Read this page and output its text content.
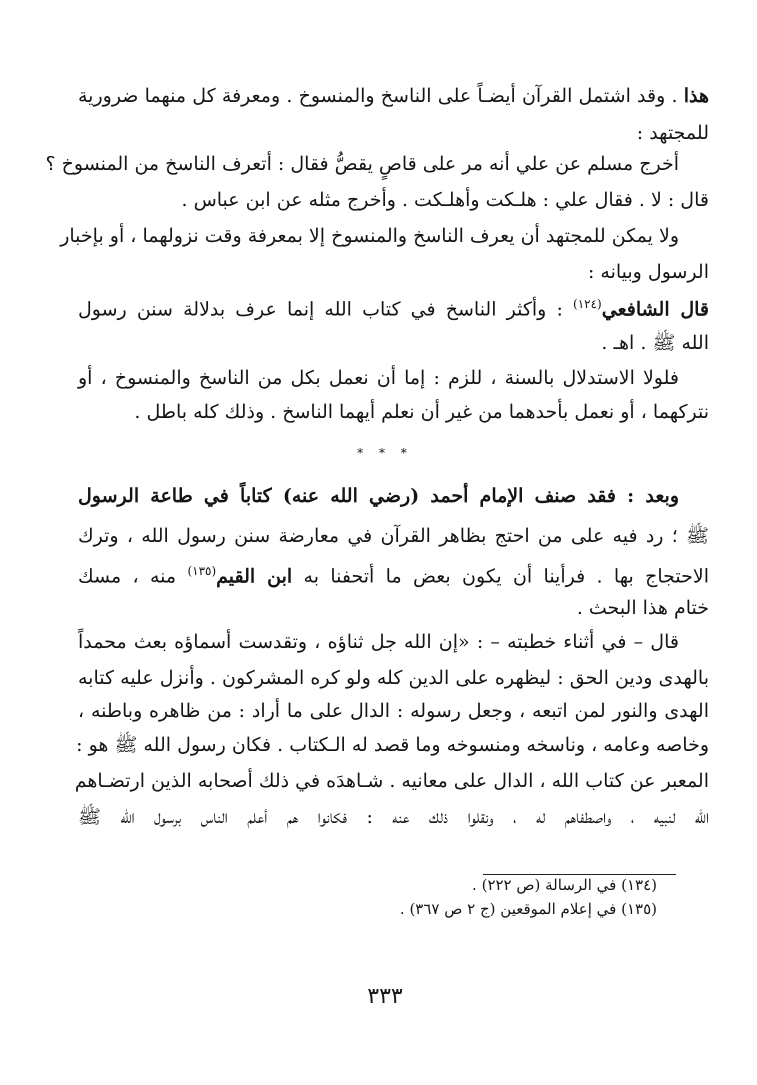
هذا . وقد اشتمل القرآن أيضـاً على الناسخ والمنسوخ . ومعرفة كل منهما ضرورية
للمجتهد :
أخرج مسلم عن علي أنه مر على قاصٍ يقصُّ فقال : أتعرف الناسخ من المنسوخ ؟
قال : لا . فقال علي : هلـكت وأهلـكت . وأخرج مثله عن ابن عباس .
ولا يمكن للمجتهد أن يعرف الناسخ والمنسوخ إلا بمعرفة وقت نزولهما ، أو بإخبار
الرسول وبيانه :
قال الشافعي$^{(١٢٤)}$ : وأكثر الناسخ في كتاب الله إنما عرف بدلالة سنن رسول
الله ﷺ . اهـ .
فلولا الاستدلال بالسنة ، للزم : إما أن نعمل بكل من الناسخ والمنسوخ ، أو
نتركهما ، أو نعمل بأحدهما من غير أن نعلم أيهما الناسخ . وذلك كله باطل .
* * *
وبعد : فقد صنف الإمام أحمد (رضي الله عنه) كتاباً في طاعة الرسول
ﷺ ؛ رد فيه على من احتج بظاهر القرآن في معارضة سنن رسول الله ، وترك
الاحتجاج بها . فرأينا أن يكون بعض ما أتحفنا به ابن القيم$^{(١٣٥)}$ منه ، مسك
ختام هذا البحث .
قال – في أثناء خطبته – : «إن الله جل ثناؤه ، وتقدست أسماؤه بعث محمداً
بالهدى ودين الحق : ليظهره على الدين كله ولو كره المشركون . وأنزل عليه كتابه
الهدى والنور لمن اتبعه ، وجعل رسوله : الدال على ما أراد : من ظاهره وباطنه ،
وخاصه وعامه ، وناسخه ومنسوخه وما قصد له الـكتاب . فكان رسول الله ﷺ هو :
المعبر عن كتاب الله ، الدال على معانيه . شـاهدَه في ذلك أصحابه الذين ارتضـاهم
الله لنبيه ، واصطفاهم له ، ونقلوا ذلك عنه : فكانوا هم أعلم الناس برسول الله ﷺ
(١٣٤) في الرسالة (ص ٢٢٢) .
(١٣٥) في إعلام الموقعين (ج ٢ ص ٣٦٧) .
٣٣٣
